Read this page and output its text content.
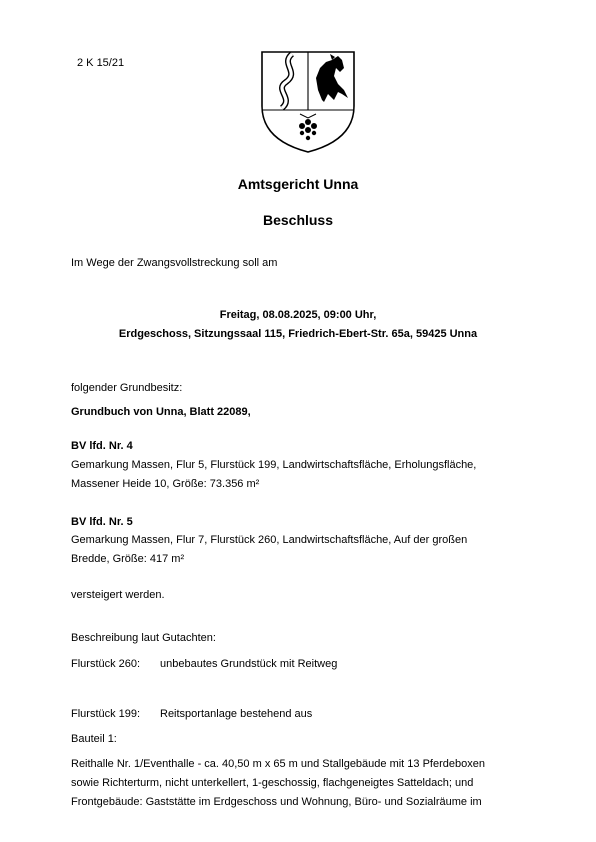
2 K 15/21
Amtsgericht Unna
Beschluss
Im Wege der Zwangsvollstreckung soll am
Freitag, 08.08.2025, 09:00 Uhr,
Erdgeschoss, Sitzungssaal 115, Friedrich-Ebert-Str. 65a, 59425 Unna
folgender Grundbesitz:
Grundbuch von Unna, Blatt 22089,
BV lfd. Nr. 4
Gemarkung Massen, Flur 5, Flurstück 199, Landwirtschaftsfläche, Erholungsfläche,
Massener Heide 10, Größe: 73.356 m²
BV lfd. Nr. 5
Gemarkung Massen, Flur 7, Flurstück 260, Landwirtschaftsfläche, Auf der großen
Bredde, Größe: 417 m²
versteigert werden.
Beschreibung laut Gutachten:
Flurstück 260: unbebautes Grundstück mit Reitweg
Flurstück 199: Reitsportanlage bestehend aus
Bauteil 1:
Reithalle Nr. 1/Eventhalle - ca. 40,50 m x 65 m und Stallgebäude mit 13 Pferdeboxen
sowie Richterturm, nicht unterkellert, 1-geschossig, flachgeneigtes Satteldach; und
Frontgebäude: Gaststätte im Erdgeschoss und Wohnung, Büro- und Sozialräume im
